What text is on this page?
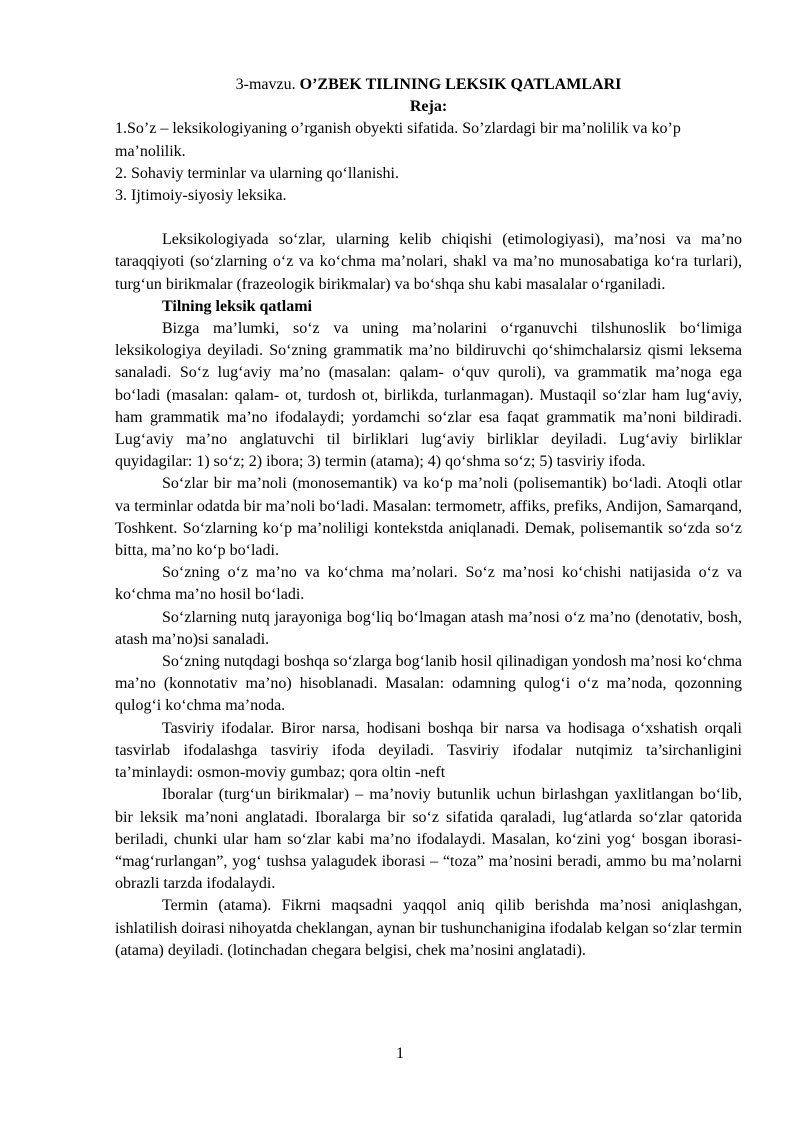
3-mavzu. O’ZBEK TILINING LEKSIK QATLAMLARI

Reja:

1.So’z – leksikologiyaning o’rganish obyekti sifatida. So’zlardagi bir ma’nolilik va ko’p ma’nolilik.

2. Sohaviy terminlar va ularning qo‘llanishi.

3. Ijtimoiy-siyosiy leksika.

Leksikologiyada so‘zlar, ularning kelib chiqishi (etimologiyasi), ma’nosi va ma’no taraqqiyoti (so‘zlarning o‘z va ko‘chma ma’nolari, shakl va ma’no munosabatiga ko‘ra turlari), turg‘un birikmalar (frazeologik birikmalar) va bo‘shqa shu kabi masalalar o‘rganiladi.

Tilning leksik qatlami

Bizga ma’lumki, so‘z va uning ma’nolarini o‘rganuvchi tilshunoslik bo‘limiga leksikologiya deyiladi. So‘zning grammatik ma’no bildiruvchi qo‘shimchalarsiz qismi leksema sanaladi. So‘z lug‘aviy ma’no (masalan: qalam- o‘quv quroli), va grammatik ma’noga ega bo‘ladi (masalan: qalam- ot, turdosh ot, birlikda, turlanmagan). Mustaqil so‘zlar ham lug‘aviy, ham grammatik ma’no ifodalaydi; yordamchi so‘zlar esa faqat grammatik ma’noni bildiradi. Lug‘aviy ma’no anglatuvchi til birliklari lug‘aviy birliklar deyiladi. Lug‘aviy birliklar quyidagilar: 1) so‘z; 2) ibora; 3) termin (atama); 4) qo‘shma so‘z; 5) tasviriy ifoda.

So‘zlar bir ma’noli (monosemantik) va ko‘p ma’noli (polisemantik) bo‘ladi. Atoqli otlar va terminlar odatda bir ma’noli bo‘ladi. Masalan: termometr, affiks, prefiks, Andijon, Samarqand, Toshkent. So‘zlarning ko‘p ma’noliligi kontekstda aniqlanadi. Demak, polisemantik so‘zda so‘z bitta, ma’no ko‘p bo‘ladi.

So‘zning o‘z ma’no va ko‘chma ma’nolari. So‘z ma’nosi ko‘chishi natijasida o‘z va ko‘chma ma’no hosil bo‘ladi.

So‘zlarning nutq jarayoniga bog‘liq bo‘lmagan atash ma’nosi o‘z ma’no (denotativ, bosh, atash ma’no)si sanaladi.

So‘zning nutqdagi boshqa so‘zlarga bog‘lanib hosil qilinadigan yondosh ma’nosi ko‘chma ma’no (konnotativ ma’no) hisoblanadi. Masalan: odamning qulog‘i o‘z ma’noda, qozonning qulog‘i ko‘chma ma’noda.

Tasviriy ifodalar. Biror narsa, hodisani boshqa bir narsa va hodisaga o‘xshatish orqali tasvirlab ifodalashga tasviriy ifoda deyiladi. Tasviriy ifodalar nutqimiz ta’sirchanligini ta’minlaydi: osmon-moviy gumbaz; qora oltin -neft

Iboralar (turg‘un birikmalar) – ma’noviy butunlik uchun birlashgan yaxlitlangan bo‘lib, bir leksik ma’noni anglatadi. Iboralarga bir so‘z sifatida qaraladi, lug‘atlarda so‘zlar qatorida beriladi, chunki ular ham so‘zlar kabi ma’no ifodalaydi. Masalan, ko‘zini yog‘ bosgan iborasi- “mag‘rurlangan”, yog‘ tushsa yalagudek iborasi – “toza” ma’nosini beradi, ammo bu ma’nolarni obrazli tarzda ifodalaydi.

Termin (atama). Fikrni maqsadni yaqqol aniq qilib berishda ma’nosi aniqlashgan, ishlatilish doirasi nihoyatda cheklangan, aynan bir tushunchanigina ifodalab kelgan so‘zlar termin (atama) deyiladi. (lotinchadan chegara belgisi, chek ma’nosini anglatadi).

1
